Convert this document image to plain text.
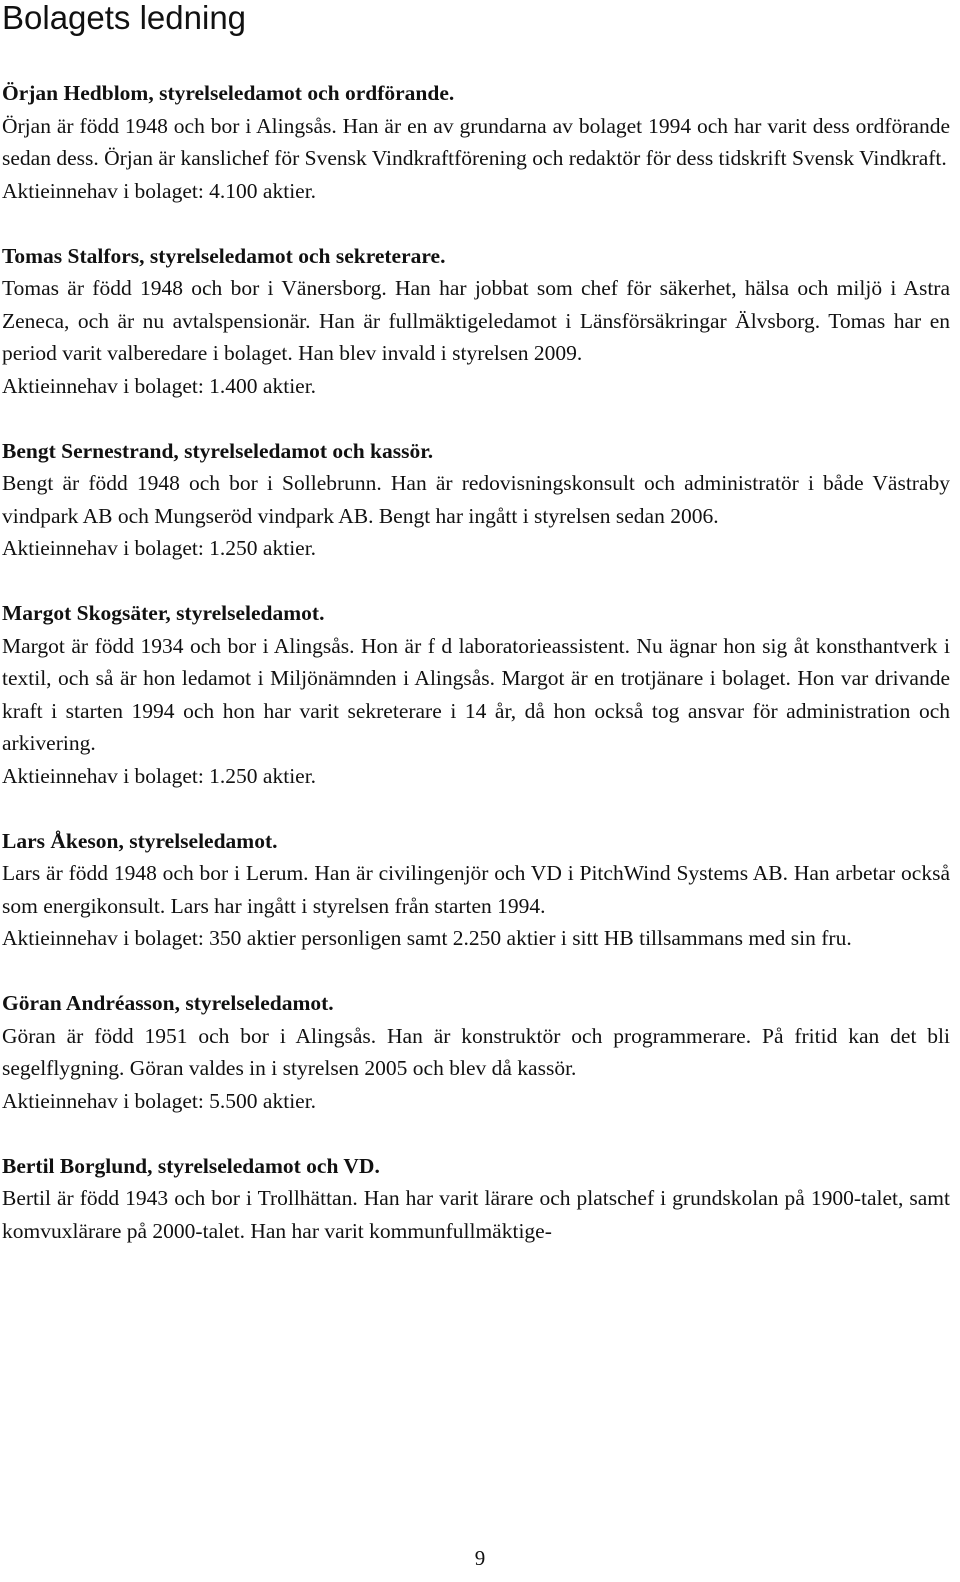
Bolagets ledning
Örjan Hedblom, styrelseledamot och ordförande.
Örjan är född 1948 och bor i Alingsås. Han är en av grundarna av bolaget 1994 och har varit dess ordförande sedan dess. Örjan är kanslichef för Svensk Vindkraftförening och redaktör för dess tidskrift Svensk Vindkraft.
Aktieinnehav i bolaget: 4.100 aktier.
Tomas Stalfors, styrelseledamot och sekreterare.
Tomas är född 1948 och bor i Vänersborg. Han har jobbat som chef för säkerhet, hälsa och miljö i Astra Zeneca, och är nu avtalspensionär. Han är fullmäktigeledamot i Länsförsäkringar Älvsborg. Tomas har en period varit valberedare i bolaget. Han blev invald i styrelsen 2009.
Aktieinnehav i bolaget: 1.400 aktier.
Bengt Sernestrand, styrelseledamot och kassör.
Bengt är född 1948 och bor i Sollebrunn. Han är redovisningskonsult och administratör i både Västraby vindpark AB och Mungseröd vindpark AB. Bengt har ingått i styrelsen sedan 2006.
Aktieinnehav i bolaget: 1.250 aktier.
Margot Skogsäter, styrelseledamot.
Margot är född 1934 och bor i Alingsås. Hon är f d laboratorieassistent. Nu ägnar hon sig åt konsthantverk i textil, och så är hon ledamot i Miljönämnden i Alingsås. Margot är en trotjänare i bolaget. Hon var drivande kraft i starten 1994 och hon har varit sekreterare i 14 år, då hon också tog ansvar för administration och arkivering.
Aktieinnehav i bolaget: 1.250 aktier.
Lars Åkeson, styrelseledamot.
Lars är född 1948 och bor i Lerum. Han är civilingenjör och VD i PitchWind Systems AB. Han arbetar också som energikonsult. Lars har ingått i styrelsen från starten 1994.
Aktieinnehav i bolaget: 350 aktier personligen samt 2.250 aktier i sitt HB tillsammans med sin fru.
Göran Andréasson, styrelseledamot.
Göran är född 1951 och bor i Alingsås. Han är konstruktör och programmerare. På fritid kan det bli segelflygning. Göran valdes in i styrelsen 2005 och blev då kassör.
Aktieinnehav i bolaget: 5.500 aktier.
Bertil Borglund, styrelseledamot och VD.
Bertil är född 1943 och bor i Trollhättan. Han har varit lärare och platschef i grundskolan på 1900-talet, samt komvuxlärare på 2000-talet. Han har varit kommunfullmäktige-
9
